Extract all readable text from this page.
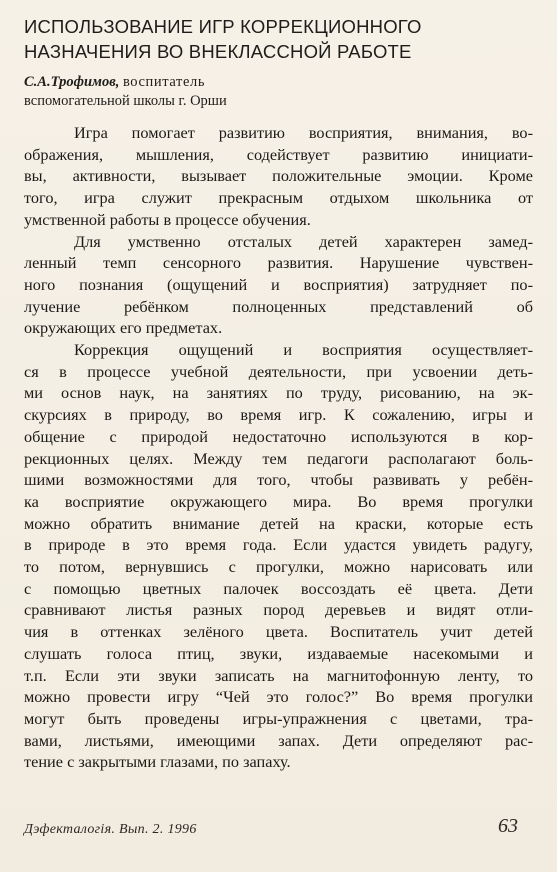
ИСПОЛЬЗОВАНИЕ ИГР КОРРЕКЦИОННОГО
НАЗНАЧЕНИЯ ВО ВНЕКЛАССНОЙ РАБОТЕ
С.А.Трофимов, воспитатель
вспомогательной школы г. Орши

Игра помогает развитию восприятия, внимания, во-
ображения, мышления, содействует развитию инициати-
вы, активности, вызывает положительные эмоции. Кроме
того, игра служит прекрасным отдыхом школьника от
умственной работы в процессе обучения.

Для умственно отсталых детей характерен замед-
ленный темп сенсорного развития. Нарушение чувствен-
ного познания (ощущений и восприятия) затрудняет по-
лучение ребёнком полноценных представлений об
окружающих его предметах.

Коррекция ощущений и восприятия осуществляет-
ся в процессе учебной деятельности, при усвоении деть-
ми основ наук, на занятиях по труду, рисованию, на эк-
скурсиях в природу, во время игр. К сожалению, игры и
общение с природой недостаточно используются в кор-
рекционных целях. Между тем педагоги располагают боль-
шими возможностями для того, чтобы развивать у ребён-
ка восприятие окружающего мира. Во время прогулки
можно обратить внимание детей на краски, которые есть
в природе в это время года. Если удастся увидеть радугу,
то потом, вернувшись с прогулки, можно нарисовать или
с помощью цветных палочек воссоздать её цвета. Дети
сравнивают листья разных пород деревьев и видят отли-
чия в оттенках зелёного цвета. Воспитатель учит детей
слушать голоса птиц, звуки, издаваемые насекомыми и
т.п. Если эти звуки записать на магнитофонную ленту, то
можно провести игру “Чей это голос?” Во время прогулки
могут быть проведены игры-упражнения с цветами, тра-
вами, листьями, имеющими запах. Дети определяют рас-
тение с закрытыми глазами, по запаху.

Дэфекталогія. Вып. 2. 1996	63
